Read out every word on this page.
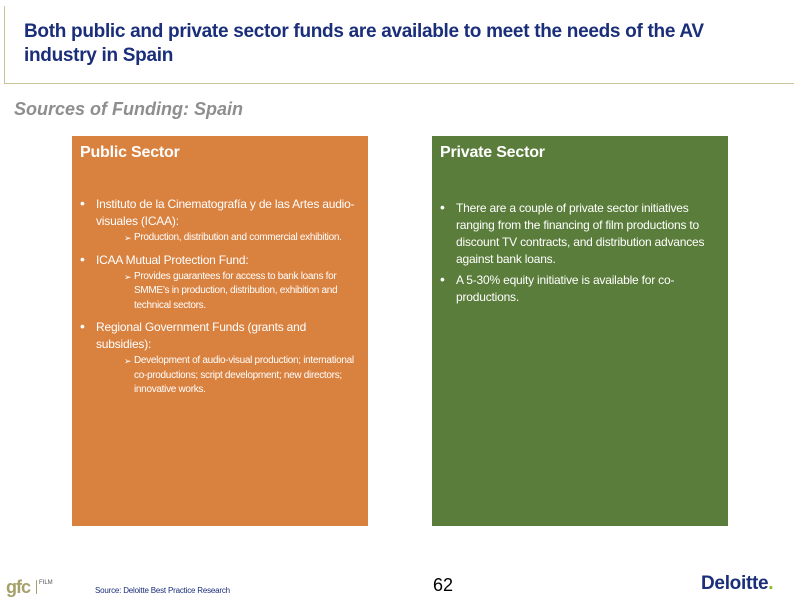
Both public and private sector funds are available to meet the needs of the AV industry in Spain
Sources of Funding: Spain
Public Sector
• Instituto de la Cinematografía y de las Artes audio-visuales (ICAA):
➢ Production, distribution and commercial exhibition.
• ICAA Mutual Protection Fund:
➢ Provides guarantees for access to bank loans for SMME’s in production, distribution, exhibition and technical sectors.
• Regional Government Funds (grants and subsidies):
➢ Development of audio-visual production; international co-productions; script development; new directors; innovative works.
Private Sector
• There are a couple of private sector initiatives ranging from the financing of film productions to discount TV contracts, and distribution advances against bank loans.
• A 5-30% equity initiative is available for co-productions.
gfc	FILM
Source: Deloitte Best Practice Research	62	Deloitte.
